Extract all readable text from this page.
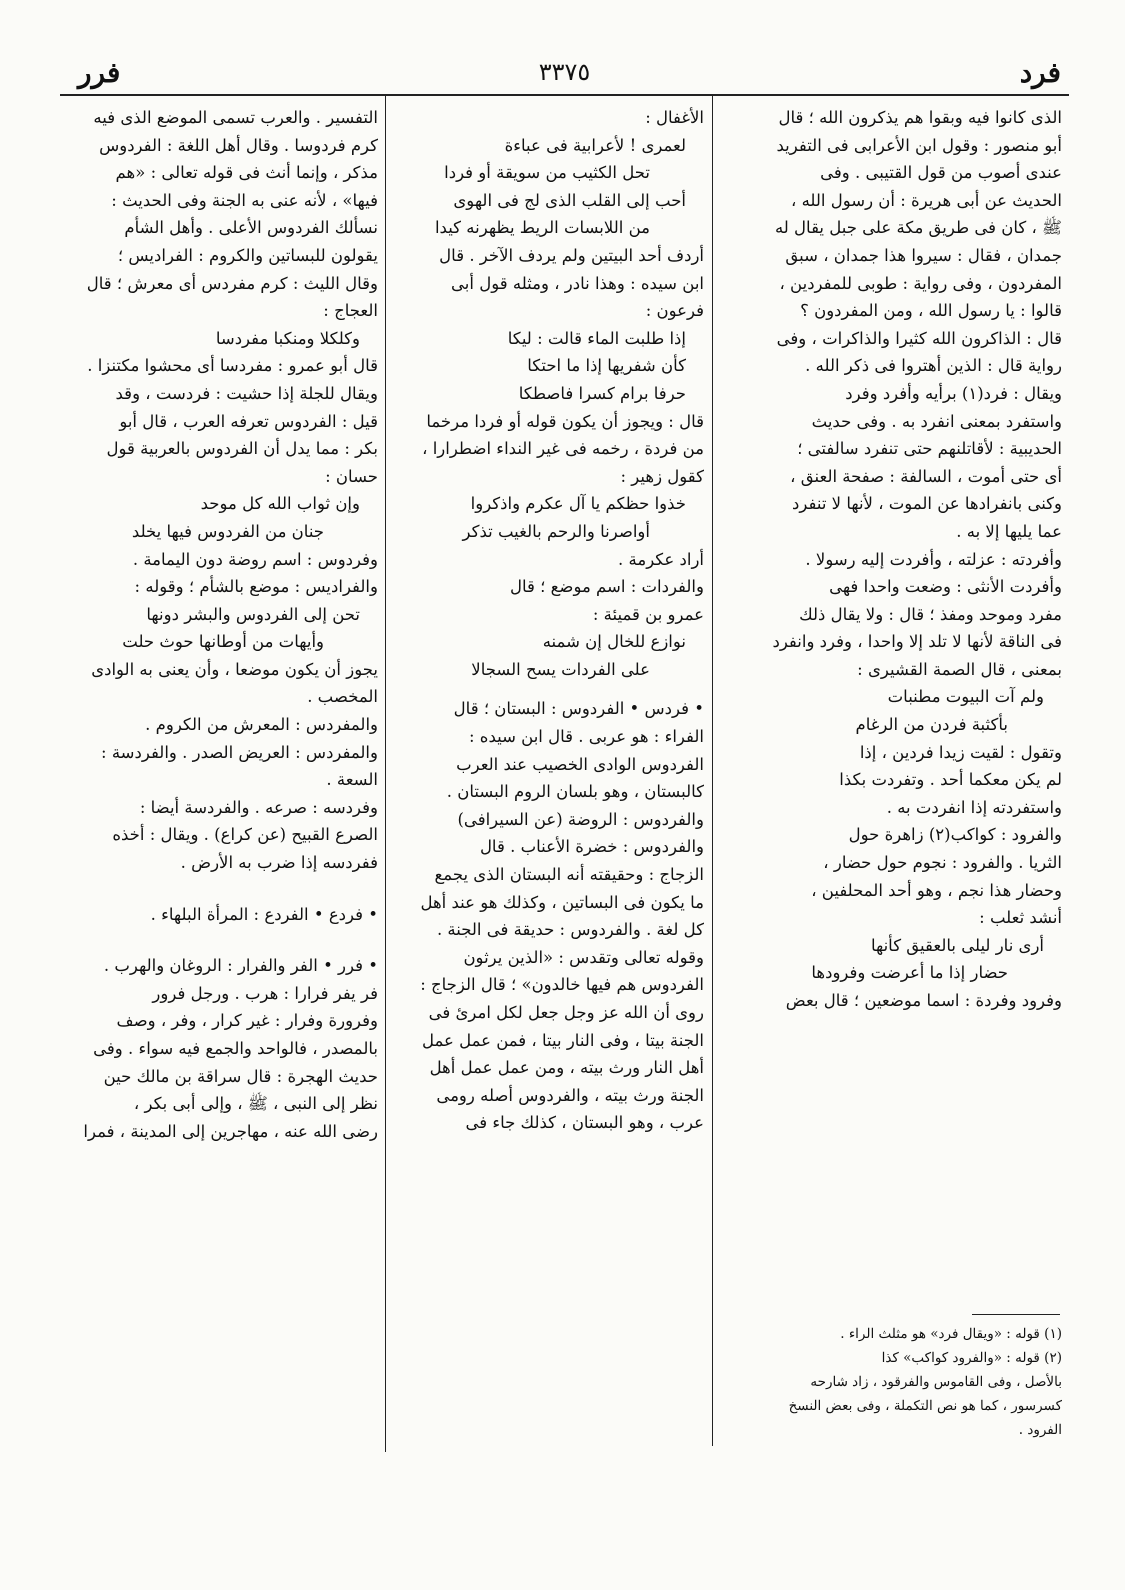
فرد
٣٣٧٥
فرر
الذى كانوا فيه وبقوا هم يذكرون الله ؛ قال
أبو منصور : وقول ابن الأعرابى فى التفريد
عندى أصوب من قول القتيبى . وفى
الحديث عن أبى هريرة : أن رسول الله ،
ﷺ ، كان فى طريق مكة على جبل يقال له
جمدان ، فقال : سيروا هذا جمدان ، سبق
المفردون ، وفى رواية : طوبى للمفردين ،
قالوا : يا رسول الله ، ومن المفردون ؟
قال : الذاكرون الله كثيرا والذاكرات ، وفى
رواية قال : الذين أهتروا فى ذكر الله .
ويقال : فرد(١) برأيه وأفرد وفرد
واستفرد بمعنى انفرد به . وفى حديث
الحديبية : لأقاتلنهم حتى تنفرد سالفتى ؛
أى حتى أموت ، السالفة : صفحة العنق ،
وكنى بانفرادها عن الموت ، لأنها لا تنفرد
عما يليها إلا به .
وأفردته : عزلته ، وأفردت إليه رسولا .
وأفردت الأنثى : وضعت واحدا فهى
مفرد وموحد ومفذ ؛ قال : ولا يقال ذلك
فى الناقة لأنها لا تلد إلا واحدا ، وفرد وانفرد
بمعنى ، قال الصمة القشيرى :
ولم آت البيوت مطنبات
بأكثبة فردن من الرغام
وتقول : لقيت زيدا فردين ، إذا
لم يكن معكما أحد . وتفردت بكذا
واستفردته إذا انفردت به .
والفرود : كواكب(٢) زاهرة حول
الثريا . والفرود : نجوم حول حضار ،
وحضار هذا نجم ، وهو أحد المحلفين ،
أنشد ثعلب :
أرى نار ليلى بالعقيق كأنها
حضار إذا ما أعرضت وفرودها
وفرود وفردة : اسما موضعين ؛ قال بعض
الأغفال :
لعمرى ! لأعرابية فى عباءة
تحل الكثيب من سويقة أو فردا
أحب إلى القلب الذى لج فى الهوى
من اللابسات الريط يظهرنه كيدا
أردف أحد البيتين ولم يردف الآخر . قال
ابن سيده : وهذا نادر ، ومثله قول أبى
فرعون :
إذا طلبت الماء قالت : ليكا
كأن شفريها إذا ما احتكا
حرفا برام كسرا فاصطكا
قال : ويجوز أن يكون قوله أو فردا مرخما
من فردة ، رخمه فى غير النداء اضطرارا ،
كقول زهير :
خذوا حظكم يا آل عكرم واذكروا
أواصرنا والرحم بالغيب تذكر
أراد عكرمة .
والفردات : اسم موضع ؛ قال
عمرو بن قميئة :
نوازع للخال إن شمنه
على الفردات يسح السجالا
• فردس • الفردوس : البستان ؛ قال
الفراء : هو عربى . قال ابن سيده :
الفردوس الوادى الخصيب عند العرب
كالبستان ، وهو بلسان الروم البستان .
والفردوس : الروضة (عن السيرافى)
والفردوس : خضرة الأعناب . قال
الزجاج : وحقيقته أنه البستان الذى يجمع
ما يكون فى البساتين ، وكذلك هو عند أهل
كل لغة . والفردوس : حديقة فى الجنة .
وقوله تعالى وتقدس : «الذين يرثون
الفردوس هم فيها خالدون» ؛ قال الزجاج :
روى أن الله عز وجل جعل لكل امرئ فى
الجنة بيتا ، وفى النار بيتا ، فمن عمل عمل
أهل النار ورث بيته ، ومن عمل عمل أهل
الجنة ورث بيته ، والفردوس أصله رومى
عرب ، وهو البستان ، كذلك جاء فى
التفسير . والعرب تسمى الموضع الذى فيه
كرم فردوسا . وقال أهل اللغة : الفردوس
مذكر ، وإنما أنث فى قوله تعالى : «هم
فيها» ، لأنه عنى به الجنة وفى الحديث :
نسألك الفردوس الأعلى . وأهل الشأم
يقولون للبساتين والكروم : الفراديس ؛
وقال الليث : كرم مفردس أى معرش ؛ قال
العجاج :
وكلكلا ومنكبا مفردسا
قال أبو عمرو : مفردسا أى محشوا مكتنزا .
ويقال للجلة إذا حشيت : فردست ، وقد
قيل : الفردوس تعرفه العرب ، قال أبو
بكر : مما يدل أن الفردوس بالعربية قول
حسان :
وإن ثواب الله كل موحد
جنان من الفردوس فيها يخلد
وفردوس : اسم روضة دون اليمامة .
والفراديس : موضع بالشأم ؛ وقوله :
تحن إلى الفردوس والبشر دونها
وأيهات من أوطانها حوث حلت
يجوز أن يكون موضعا ، وأن يعنى به الوادى
المخصب .
والمفردس : المعرش من الكروم .
والمفردس : العريض الصدر . والفردسة :
السعة .
وفردسه : صرعه . والفردسة أيضا :
الصرع القبيح (عن كراع) . ويقال : أخذه
ففردسه إذا ضرب به الأرض .
• فردع • الفردع : المرأة البلهاء .
• فرر • الفر والفرار : الروغان والهرب .
فر يفر فرارا : هرب . ورجل فرور
وفرورة وفرار : غير كرار ، وفر ، وصف
بالمصدر ، فالواحد والجمع فيه سواء . وفى
حديث الهجرة : قال سراقة بن مالك حين
نظر إلى النبى ، ﷺ ، وإلى أبى بكر ،
رضى الله عنه ، مهاجرين إلى المدينة ، فمرا
(١) قوله : «ويقال فرد» هو مثلث الراء .
(٢) قوله : «والفرود كواكب» كذا
بالأصل ، وفى القاموس والفرقود ، زاد شارحه
كسرسور ، كما هو نص التكملة ، وفى بعض النسخ
الفرود .
